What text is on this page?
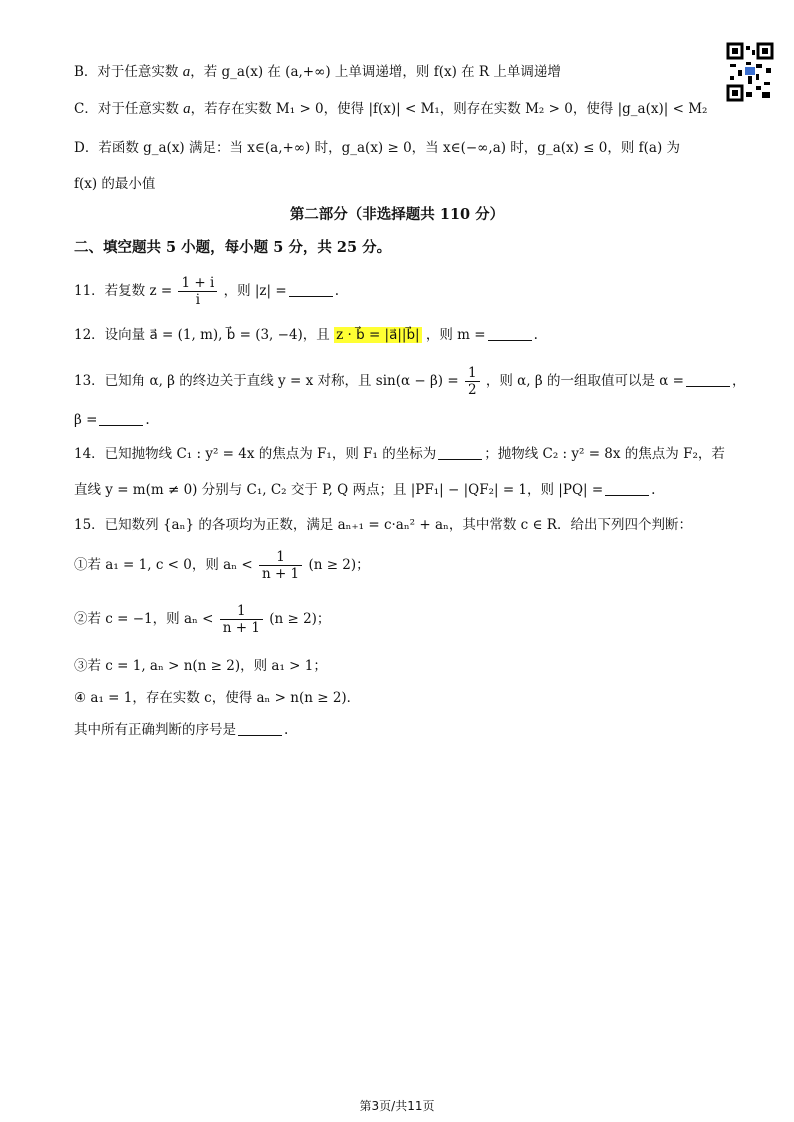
B．对于任意实数 a，若 g_a(x) 在 (a,+∞) 上单调递增，则 f(x) 在 R 上单调递增
C．对于任意实数 a，若存在实数 M₁ > 0，使得 |f(x)| < M₁，则存在实数 M₂ > 0，使得 |g_a(x)| < M₂
D．若函数 g_a(x) 满足：当 x∈(a,+∞) 时，g_a(x) ≥ 0，当 x∈(−∞,a) 时，g_a(x) ≤ 0，则 f(a) 为
f(x) 的最小值
第二部分（非选择题共 110 分）
二、填空题共 5 小题，每小题 5 分，共 25 分。
11．若复数 $z = \frac{1 + i}{i}$ ，则 |z| =	.
12．设向量 a⃗ = (1, m), b⃗ = (3, −4)，且 z · b⃗ = |a⃗||b⃗| ，则 m =	.
13．已知角 α, β 的终边关于直线 y = x 对称，且 $\sin(\alpha - \beta) = \frac{1}{2}$ ，则 α, β 的一组取值可以是 α =	，
β =	.
14．已知抛物线 C₁ : y² = 4x 的焦点为 F₁，则 F₁ 的坐标为	；抛物线 C₂ : y² = 8x 的焦点为 F₂，若
直线 y = m(m ≠ 0) 分别与 C₁, C₂ 交于 P, Q 两点；且 |PF₁| − |QF₂| = 1，则 |PQ| =	.
15．已知数列 {aₙ} 的各项均为正数，满足 aₙ₊₁ = c·aₙ² + aₙ，其中常数 c ∈ R．给出下列四个判断：
①若 a₁ = 1, c < 0，则 $a_n < \frac{1}{n + 1} (n \ge 2)$；
②若 c = −1，则 $a_n < \frac{1}{n + 1} (n \ge 2)$；
③若 c = 1, aₙ > n(n ≥ 2)，则 a₁ > 1；
④ a₁ = 1，存在实数 c，使得 aₙ > n(n ≥ 2)．
其中所有正确判断的序号是	.
第3页/共11页
